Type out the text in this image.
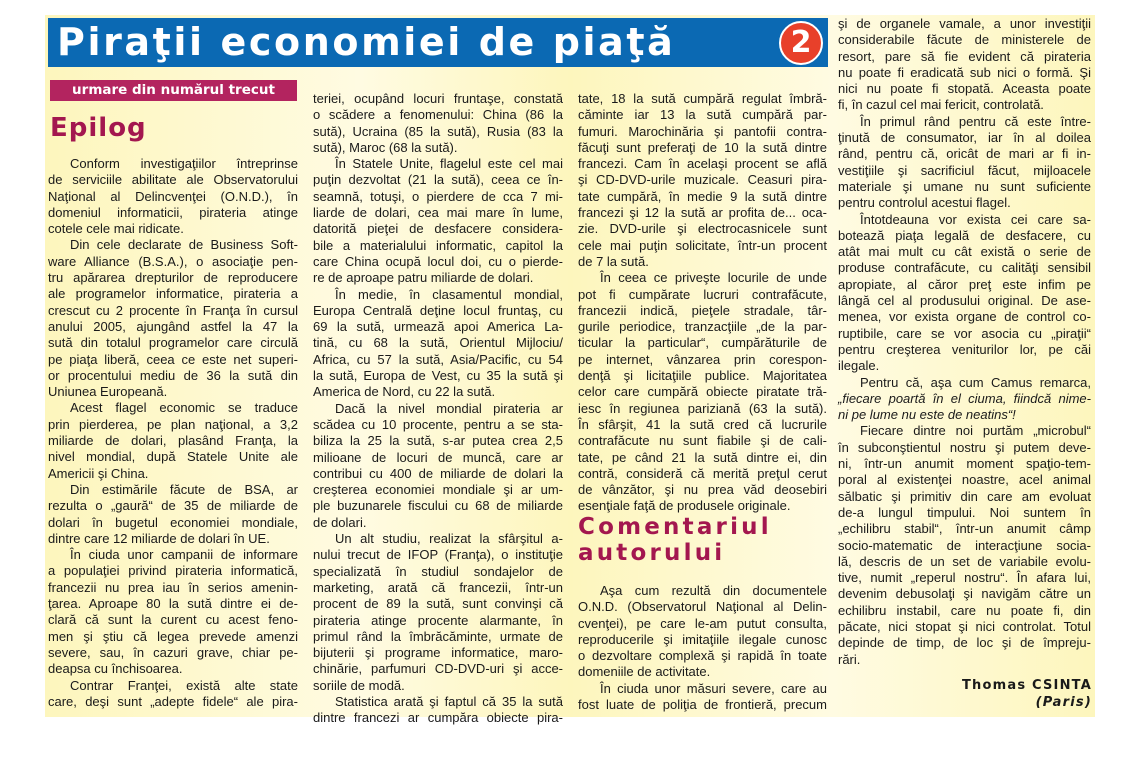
Piraţii economiei de piaţă	2
urmare din numărul trecut
Epilog
Comentariul
autorului
Conform investigaţiilor întreprinse
de serviciile abilitate ale Observatorului
Naţional al Delincvenţei (O.N.D.), în
domeniul informaticii, pirateria atinge
cotele cele mai ridicate.
Din cele declarate de Business Soft-
ware Alliance (B.S.A.), o asociaţie pen-
tru apărarea drepturilor de reproducere
ale programelor informatice, pirateria a
crescut cu 2 procente în Franţa în cursul
anului 2005, ajungând astfel la 47 la
sută din totalul programelor care circulă
pe piaţa liberă, ceea ce este net superi-
or procentului mediu de 36 la sută din
Uniunea Europeană.
Acest flagel economic se traduce
prin pierderea, pe plan naţional, a 3,2
miliarde de dolari, plasând Franţa, la
nivel mondial, după Statele Unite ale
Americii şi China.
Din estimările făcute de BSA, ar
rezulta o „gaură“ de 35 de miliarde de
dolari în bugetul economiei mondiale,
dintre care 12 miliarde de dolari în UE.
În ciuda unor campanii de informare
a populaţiei privind pirateria informatică,
francezii nu prea iau în serios amenin-
ţarea. Aproape 80 la sută dintre ei de-
clară că sunt la curent cu acest feno-
men şi ştiu că legea prevede amenzi
severe, sau, în cazuri grave, chiar pe-
deapsa cu închisoarea.
Contrar Franţei, există alte state
care, deşi sunt „adepte fidele“ ale pira-
teriei, ocupând locuri fruntaşe, constată
o scădere a fenomenului: China (86 la
sută), Ucraina (85 la sută), Rusia (83 la
sută), Maroc (68 la sută).
În Statele Unite, flagelul este cel mai
puţin dezvoltat (21 la sută), ceea ce în-
seamnă, totuşi, o pierdere de cca 7 mi-
liarde de dolari, cea mai mare în lume,
datorită pieţei de desfacere considera-
bile a materialului informatic, capitol la
care China ocupă locul doi, cu o pierde-
re de aproape patru miliarde de dolari.
În medie, în clasamentul mondial,
Europa Centrală deţine locul fruntaş, cu
69 la sută, urmează apoi America La-
tină, cu 68 la sută, Orientul Mijlociu/
Africa, cu 57 la sută, Asia/Pacific, cu 54
la sută, Europa de Vest, cu 35 la sută şi
America de Nord, cu 22 la sută.
Dacă la nivel mondial pirateria ar
scădea cu 10 procente, pentru a se sta-
biliza la 25 la sută, s-ar putea crea 2,5
milioane de locuri de muncă, care ar
contribui cu 400 de miliarde de dolari la
creşterea economiei mondiale şi ar um-
ple buzunarele fiscului cu 68 de miliarde
de dolari.
Un alt studiu, realizat la sfârşitul a-
nului trecut de IFOP (Franţa), o instituţie
specializată în studiul sondajelor de
marketing, arată că francezii, într-un
procent de 89 la sută, sunt convinşi că
pirateria atinge procente alarmante, în
primul rând la îmbrăcăminte, urmate de
bijuterii şi programe informatice, maro-
chinărie, parfumuri CD-DVD-uri şi acce-
soriile de modă.
Statistica arată şi faptul că 35 la sută
dintre francezi ar cumpăra obiecte pira-
tate, 18 la sută cumpără regulat îmbră-
căminte iar 13 la sută cumpără par-
fumuri. Marochinăria şi pantofii contra-
făcuţi sunt preferaţi de 10 la sută dintre
francezi. Cam în acelaşi procent se află
şi CD-DVD-urile muzicale. Ceasuri pira-
tate cumpără, în medie 9 la sută dintre
francezi şi 12 la sută ar profita de... oca-
zie. DVD-urile şi electrocasnicele sunt
cele mai puţin solicitate, într-un procent
de 7 la sută.
În ceea ce priveşte locurile de unde
pot fi cumpărate lucruri contrafăcute,
francezii indică, pieţele stradale, târ-
gurile periodice, tranzacţiile „de la par-
ticular la particular“, cumpărăturile de
pe internet, vânzarea prin corespon-
denţă şi licitaţiile publice. Majoritatea
celor care cumpără obiecte piratate tră-
iesc în regiunea pariziană (63 la sută).
În sfârşit, 41 la sută cred că lucrurile
contrafăcute nu sunt fiabile şi de cali-
tate, pe când 21 la sută dintre ei, din
contră, consideră că merită preţul cerut
de vânzător, şi nu prea văd deosebiri
esenţiale faţă de produsele originale.
Aşa cum rezultă din documentele
O.N.D. (Observatorul Naţional al Delin-
cvenţei), pe care le-am putut consulta,
reproducerile şi imitaţiile ilegale cunosc
o dezvoltare complexă şi rapidă în toate
domeniile de activitate.
În ciuda unor măsuri severe, care au
fost luate de poliţia de frontieră, precum
şi de organele vamale, a unor investiţii
considerabile făcute de ministerele de
resort, pare să fie evident că pirateria
nu poate fi eradicată sub nici o formă. Şi
nici nu poate fi stopată. Aceasta poate
fi, în cazul cel mai fericit, controlată.
În primul rând pentru că este între-
ţinută de consumator, iar în al doilea
rând, pentru că, oricât de mari ar fi in-
vestiţiile şi sacrificiul făcut, mijloacele
materiale şi umane nu sunt suficiente
pentru controlul acestui flagel.
Întotdeauna vor exista cei care sa-
botează piaţa legală de desfacere, cu
atât mai mult cu cât există o serie de
produse contrafăcute, cu calităţi sensibil
apropiate, al căror preţ este infim pe
lângă cel al produsului original. De ase-
menea, vor exista organe de control co-
ruptibile, care se vor asocia cu „piraţii“
pentru creşterea veniturilor lor, pe căi
ilegale.
Pentru că, aşa cum Camus remarca,
„fiecare poartă în el ciuma, fiindcă nime-
ni pe lume nu este de neatins“!
Fiecare dintre noi purtăm „microbul“
în subconştientul nostru şi putem deve-
ni, într-un anumit moment spaţio-tem-
poral al existenţei noastre, acel animal
sălbatic şi primitiv din care am evoluat
de-a lungul timpului. Noi suntem în
„echilibru stabil“, într-un anumit câmp
socio-matematic de interacţiune socia-
lă, descris de un set de variabile evolu-
tive, numit „reperul nostru“. În afara lui,
devenim debusolaţi şi navigăm către un
echilibru instabil, care nu poate fi, din
păcate, nici stopat şi nici controlat. Totul
depinde de timp, de loc şi de împreju-
rări.
Thomas CSINTA
(Paris)
